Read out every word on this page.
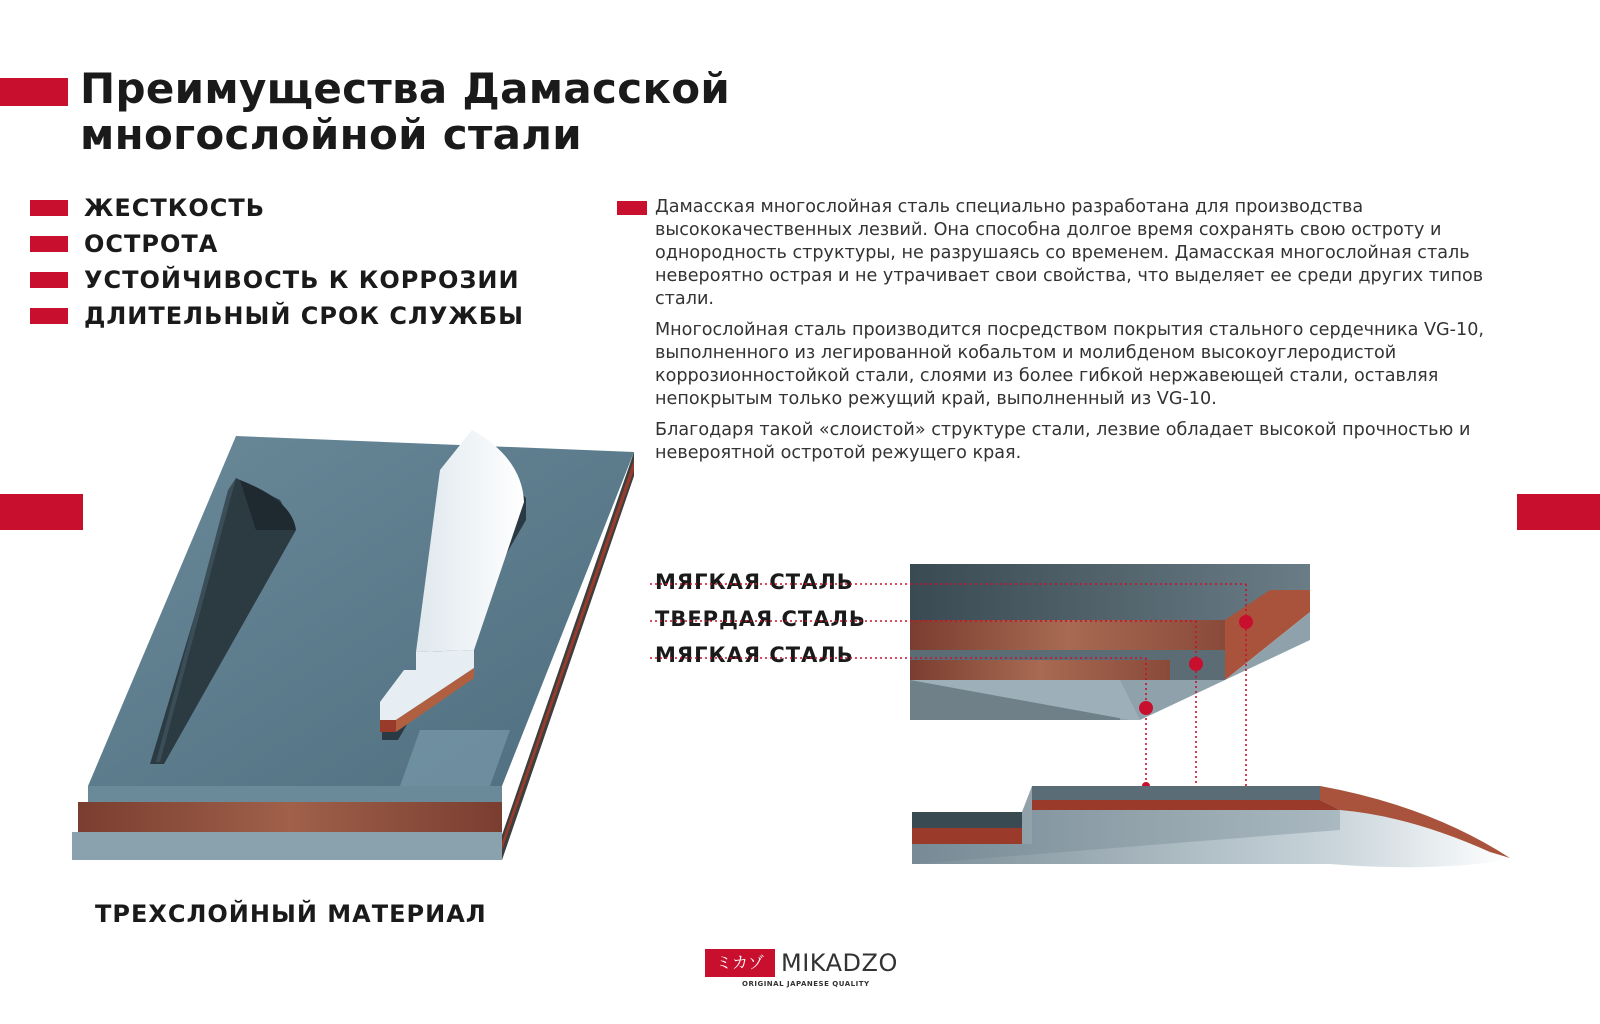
Преимущества Дамасской
многослойной стали
ЖЕСТКОСТЬ
ОСТРОТА
УСТОЙЧИВОСТЬ К КОРРОЗИИ
ДЛИТЕЛЬНЫЙ СРОК СЛУЖБЫ

Дамасская многослойная сталь специально разработана для производства высококачественных лезвий. Она способна долгое время сохранять свою остроту и однородность структуры, не разрушаясь со временем. Дамасская многослойная сталь невероятно острая и не утрачивает свои свойства, что выделяет ее среди других типов стали.

Многослойная сталь производится посредством покрытия стального сердечника VG-10, выполненного из легированной кобальтом и молибденом высокоуглеродистой коррозионностойкой стали, слоями из более гибкой нержавеющей стали, оставляя непокрытым только режущий край, выполненный из VG-10.

Благодаря такой «слоистой» структуре стали, лезвие обладает высокой прочностью и невероятной остротой режущего края.

ТРЕХСЛОЙНЫЙ МАТЕРИАЛ

МЯГКАЯ СТАЛЬ
ТВЕРДАЯ СТАЛЬ
МЯГКАЯ СТАЛЬ
ミカゾ MIKADZO
ORIGINAL JAPANESE QUALITY
